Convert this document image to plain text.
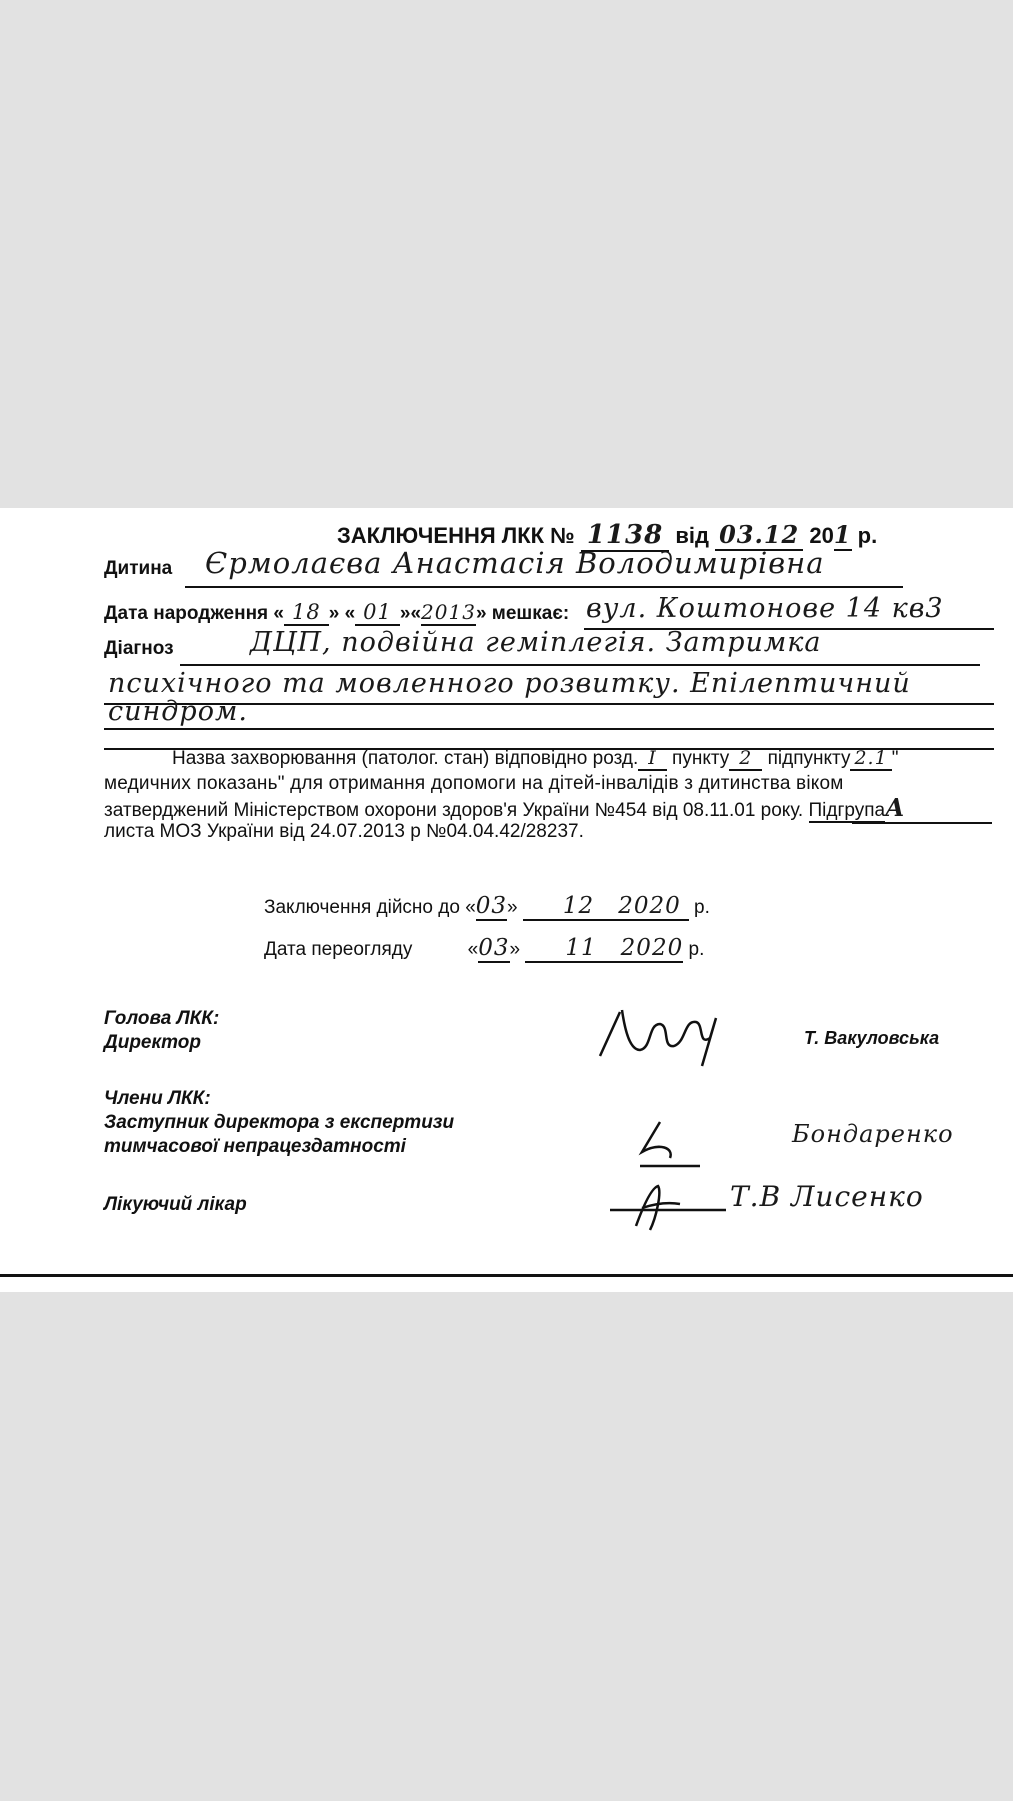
ЗАКЛЮЧЕННЯ ЛКК № 1138 від 03.12 201 р.
Дитина Єрмолаєва Анастасія Володимирівна
Дата народження « 18 » « 01 »«2013» мешкає: вул. Коштонове 14 кв3
Діагноз	ДЦП, подвійна геміплегія. Затримка
психічного та мовленного розвитку. Епілептичний
синдром.
Назва захворювання (патолог. стан) відповідно розд. I пункту 2 підпункту 2.1 "
медичних показань" для отримання допомоги на дітей-інвалідів з дитинства віком
затверджений Міністерством охорони здоров'я України №454 від 08.11.01 року. ПідгрупаА
листа МОЗ України від 24.07.2013 р №04.04.42/28237.
Заключення дійсно до «03» 12 2020 р.
Дата переогляду	«03» 11 2020 р.
Голова ЛКК:
Директор	Т. Вакуловська
Члени ЛКК:
Заступник директора з експертизи
тимчасової непрацездатності	Бондаренко
Лікуючий лікар	Т.В Лисенко
